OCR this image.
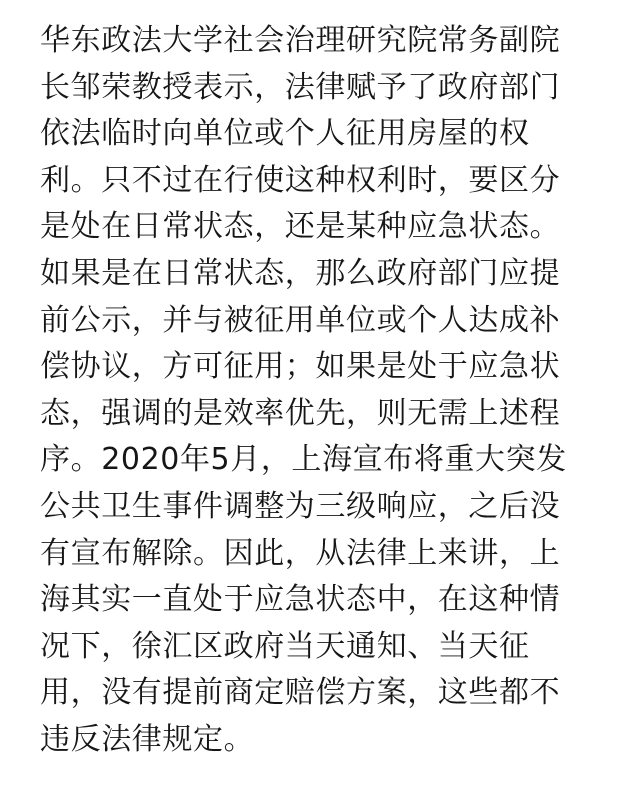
华东政法大学社会治理研究院常务副院
长邹荣教授表示，法律赋予了政府部门
依法临时向单位或个人征用房屋的权
利。只不过在行使这种权利时，要区分
是处在日常状态，还是某种应急状态。
如果是在日常状态，那么政府部门应提
前公示，并与被征用单位或个人达成补
偿协议，方可征用；如果是处于应急状
态，强调的是效率优先，则无需上述程
序。2020年5月，上海宣布将重大突发
公共卫生事件调整为三级响应，之后没
有宣布解除。因此，从法律上来讲，上
海其实一直处于应急状态中，在这种情
况下，徐汇区政府当天通知、当天征
用，没有提前商定赔偿方案，这些都不
违反法律规定。
